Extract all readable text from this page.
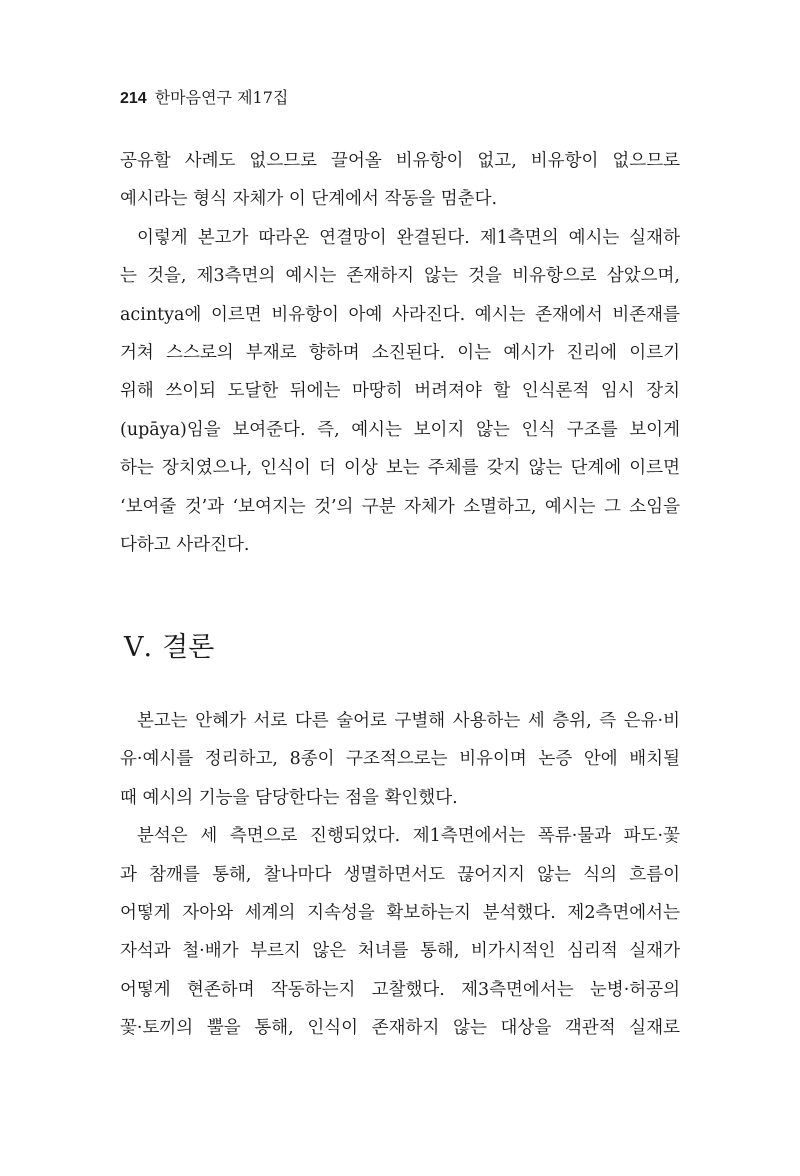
214 한마음연구 제17집

공유할 사례도 없으므로 끌어올 비유항이 없고, 비유항이 없으므로

예시라는 형식 자체가 이 단계에서 작동을 멈춘다.

이렇게 본고가 따라온 연결망이 완결된다. 제1측면의 예시는 실재하

는 것을, 제3측면의 예시는 존재하지 않는 것을 비유항으로 삼았으며,

acintya에 이르면 비유항이 아예 사라진다. 예시는 존재에서 비존재를

거쳐 스스로의 부재로 향하며 소진된다. 이는 예시가 진리에 이르기

위해 쓰이되 도달한 뒤에는 마땅히 버려져야 할 인식론적 임시 장치

(upāya)임을 보여준다. 즉, 예시는 보이지 않는 인식 구조를 보이게

하는 장치였으나, 인식이 더 이상 보는 주체를 갖지 않는 단계에 이르면

‘보여줄 것’과 ‘보여지는 것’의 구분 자체가 소멸하고, 예시는 그 소임을

다하고 사라진다.

Ⅴ. 결론

본고는 안혜가 서로 다른 술어로 구별해 사용하는 세 층위, 즉 은유·비

유·예시를 정리하고, 8종이 구조적으로는 비유이며 논증 안에 배치될

때 예시의 기능을 담당한다는 점을 확인했다.

분석은 세 측면으로 진행되었다. 제1측면에서는 폭류·물과 파도·꽃

과 참깨를 통해, 찰나마다 생멸하면서도 끊어지지 않는 식의 흐름이

어떻게 자아와 세계의 지속성을 확보하는지 분석했다. 제2측면에서는

자석과 철·배가 부르지 않은 처녀를 통해, 비가시적인 심리적 실재가

어떻게 현존하며 작동하는지 고찰했다. 제3측면에서는 눈병·허공의

꽃·토끼의 뿔을 통해, 인식이 존재하지 않는 대상을 객관적 실재로
